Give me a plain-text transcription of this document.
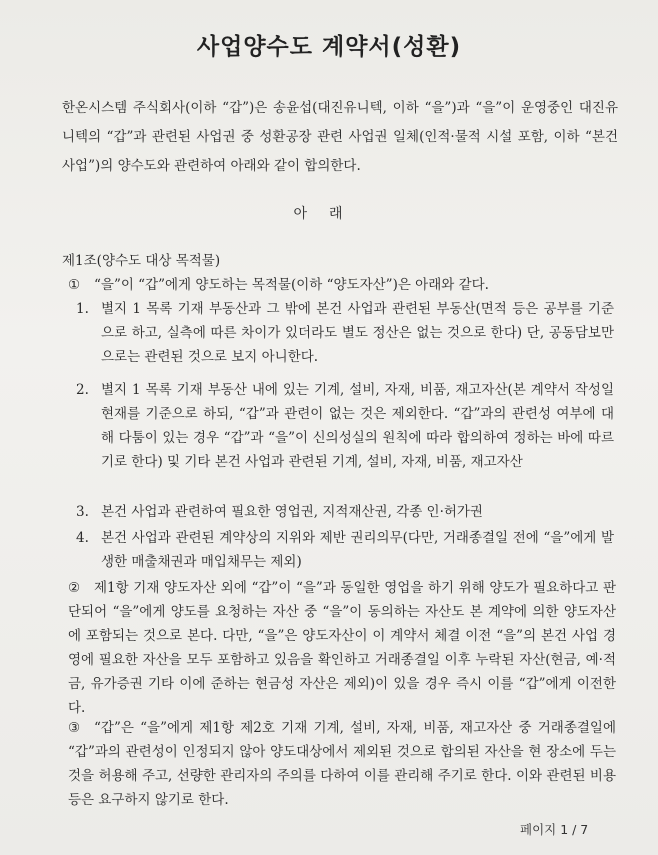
사업양수도 계약서(성환)
한온시스템 주식회사(이하 “갑”)은 송윤섭(대진유니텍, 이하 “을”)과 “을”이 운영중인 대진유니텍의 “갑”과 관련된 사업권 중 성환공장 관련 사업권 일체(인적·물적 시설 포함, 이하 “본건 사업”)의 양수도와 관련하여 아래와 같이 합의한다.
아래
제1조(양수도 대상 목적물)
① “을”이 “갑”에게 양도하는 목적물(이하 “양도자산”)은 아래와 같다.
1. 별지 1 목록 기재 부동산과 그 밖에 본건 사업과 관련된 부동산(면적 등은 공부를 기준으로 하고, 실측에 따른 차이가 있더라도 별도 정산은 없는 것으로 한다) 단, 공동담보만으로는 관련된 것으로 보지 아니한다.
2. 별지 1 목록 기재 부동산 내에 있는 기계, 설비, 자재, 비품, 재고자산(본 계약서 작성일 현재를 기준으로 하되, “갑”과 관련이 없는 것은 제외한다. “갑”과의 관련성 여부에 대해 다툼이 있는 경우 “갑”과 “을”이 신의성실의 원칙에 따라 합의하여 정하는 바에 따르기로 한다) 및 기타 본건 사업과 관련된 기계, 설비, 자재, 비품, 재고자산
3. 본건 사업과 관련하여 필요한 영업권, 지적재산권, 각종 인·허가권
4. 본건 사업과 관련된 계약상의 지위와 제반 권리의무(다만, 거래종결일 전에 “을”에게 발생한 매출채권과 매입채무는 제외)
② 제1항 기재 양도자산 외에 “갑”이 “을”과 동일한 영업을 하기 위해 양도가 필요하다고 판단되어 “을”에게 양도를 요청하는 자산 중 “을”이 동의하는 자산도 본 계약에 의한 양도자산에 포함되는 것으로 본다. 다만, “을”은 양도자산이 이 계약서 체결 이전 “을”의 본건 사업 경영에 필요한 자산을 모두 포함하고 있음을 확인하고 거래종결일 이후 누락된 자산(현금, 예·적금, 유가증권 기타 이에 준하는 현금성 자산은 제외)이 있을 경우 즉시 이를 “갑”에게 이전한다.
③ “갑”은 “을”에게 제1항 제2호 기재 기계, 설비, 자재, 비품, 재고자산 중 거래종결일에 “갑”과의 관련성이 인정되지 않아 양도대상에서 제외된 것으로 합의된 자산을 현 장소에 두는 것을 허용해 주고, 선량한 관리자의 주의를 다하여 이를 관리해 주기로 한다. 이와 관련된 비용 등은 요구하지 않기로 한다.
페이지 1 / 7
